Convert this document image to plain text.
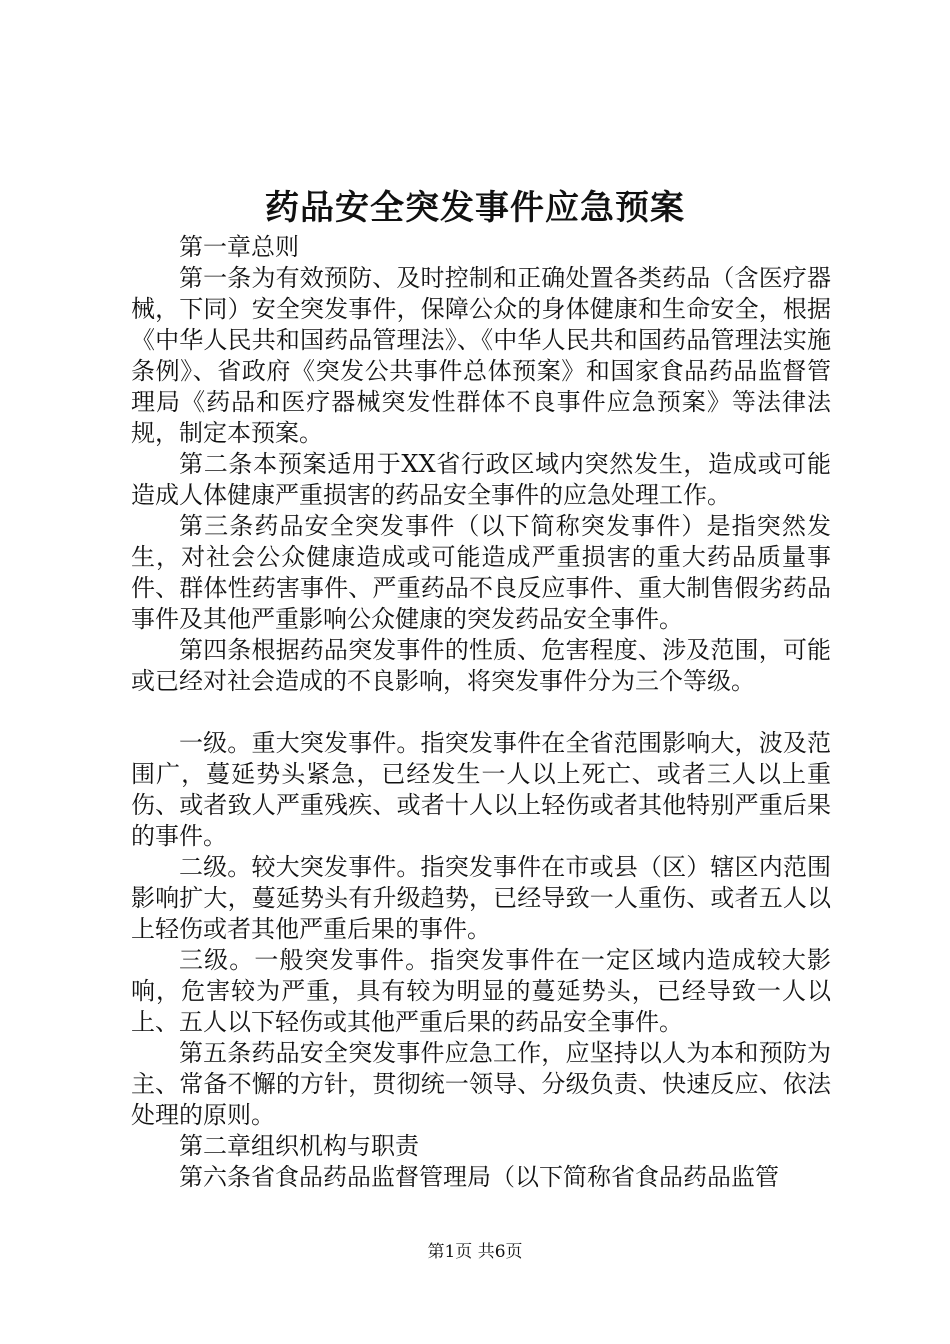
药品安全突发事件应急预案

第一章总则

第一条为有效预防、及时控制和正确处置各类药品（含医疗器械，下同）安全突发事件，保障公众的身体健康和生命安全，根据《中华人民共和国药品管理法》、《中华人民共和国药品管理法实施条例》、省政府《突发公共事件总体预案》和国家食品药品监督管理局《药品和医疗器械突发性群体不良事件应急预案》等法律法规，制定本预案。

第二条本预案适用于XX省行政区域内突然发生，造成或可能造成人体健康严重损害的药品安全事件的应急处理工作。

第三条药品安全突发事件（以下简称突发事件）是指突然发生，对社会公众健康造成或可能造成严重损害的重大药品质量事件、群体性药害事件、严重药品不良反应事件、重大制售假劣药品事件及其他严重影响公众健康的突发药品安全事件。

第四条根据药品突发事件的性质、危害程度、涉及范围，可能或已经对社会造成的不良影响，将突发事件分为三个等级。

一级。重大突发事件。指突发事件在全省范围影响大，波及范围广，蔓延势头紧急，已经发生一人以上死亡、或者三人以上重伤、或者致人严重残疾、或者十人以上轻伤或者其他特别严重后果的事件。

二级。较大突发事件。指突发事件在市或县（区）辖区内范围影响扩大，蔓延势头有升级趋势，已经导致一人重伤、或者五人以上轻伤或者其他严重后果的事件。

三级。一般突发事件。指突发事件在一定区域内造成较大影响，危害较为严重，具有较为明显的蔓延势头，已经导致一人以上、五人以下轻伤或其他严重后果的药品安全事件。

第五条药品安全突发事件应急工作，应坚持以人为本和预防为主、常备不懈的方针，贯彻统一领导、分级负责、快速反应、依法处理的原则。

第二章组织机构与职责

第六条省食品药品监督管理局（以下简称省食品药品监管

第1页 共6页
